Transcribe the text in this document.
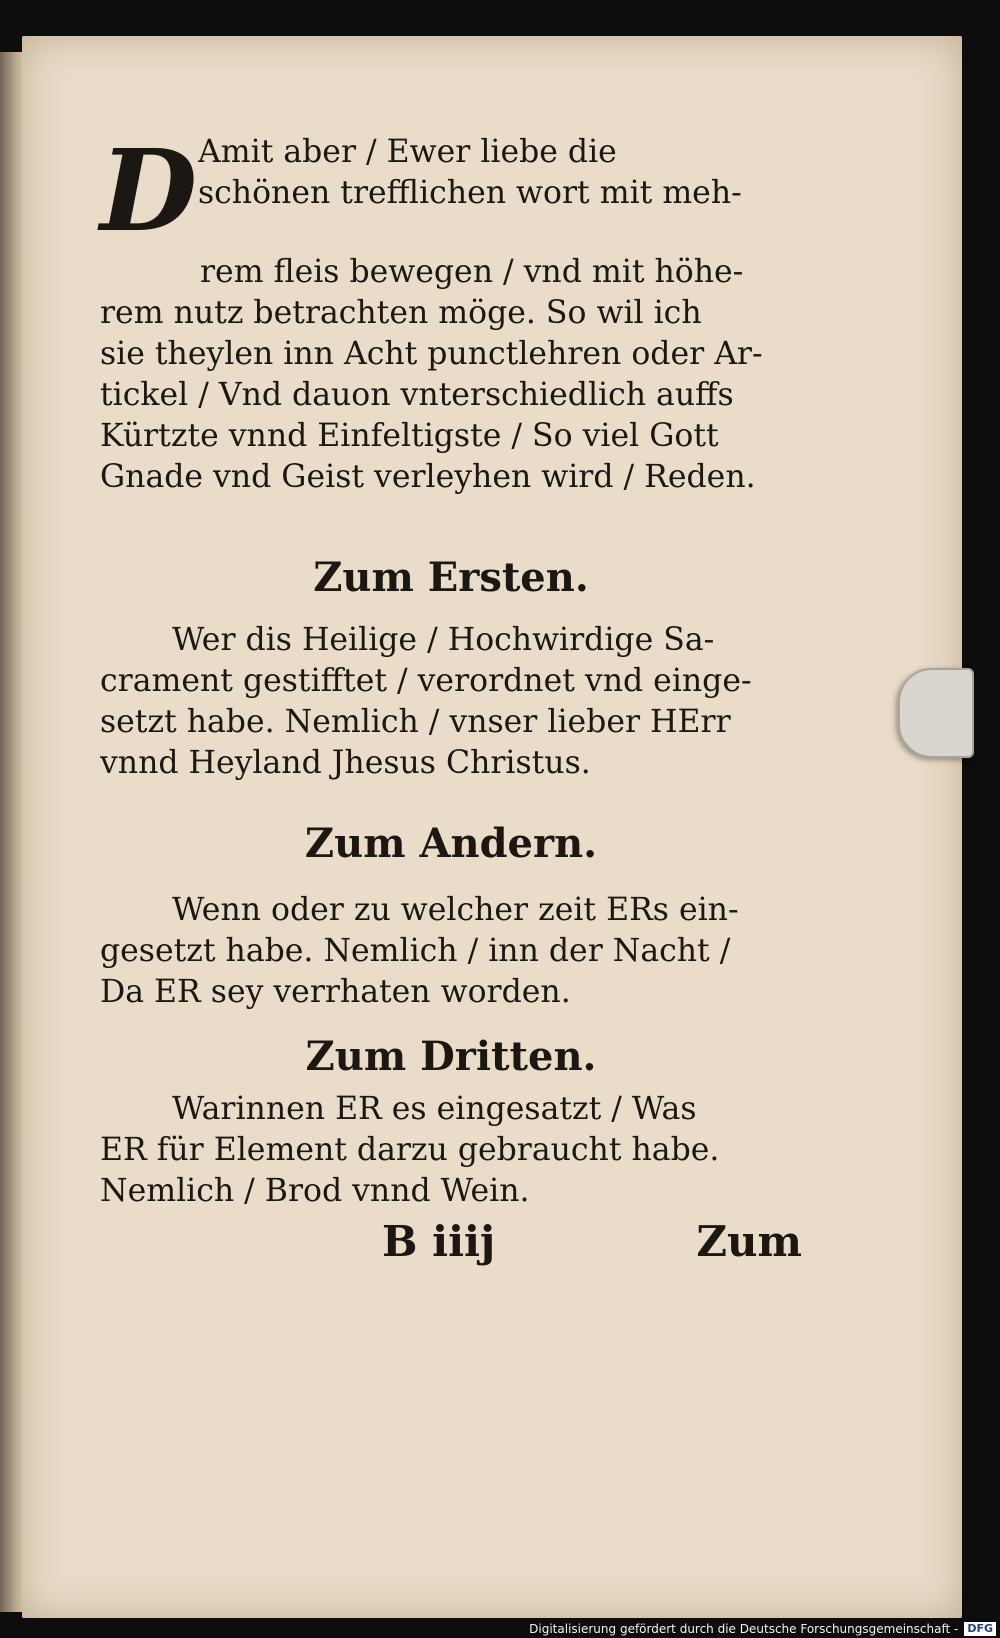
D Amit aber / Ewer liebe die
schönen trefflichen wort mit meh-
rem fleis bewegen / vnd mit höhe-
rem nutz betrachten möge. So wil ich
sie theylen inn Acht punctlehren oder Ar-
tickel / Vnd dauon vnterschiedlich auffs
Kürtzte vnnd Einfeltigste / So viel Gott
Gnade vnd Geist verleyhen wird / Reden.
Zum Ersten.
Wer dis Heilige / Hochwirdige Sa-
crament gestifftet / verordnet vnd einge-
setzt habe. Nemlich / vnser lieber HErr
vnnd Heyland Jhesus Christus.
Zum Andern.
Wenn oder zu welcher zeit ERs ein-
gesetzt habe. Nemlich / inn der Nacht /
Da ER sey verrhaten worden.
Zum Dritten.
Warinnen ER es eingesatzt / Was
ER für Element darzu gebraucht habe.
Nemlich / Brod vnnd Wein.
B iiij	Zum
Digitalisierung gefördert durch die Deutsche Forschungsgemeinschaft - DFG
